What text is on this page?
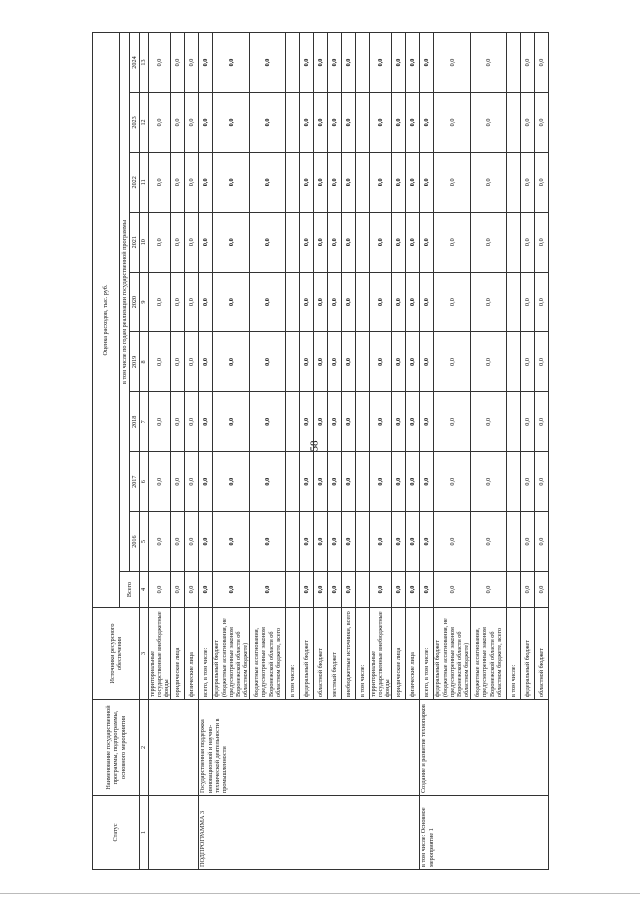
58
Статус	Наименование государственной программы, подпрограммы, основного мероприятия	Источники ресурсного обеспечения	Оценка расходов, тыс. руб.									
			Всего	в том числе по годам реализации государственной программы								
				2016	2017	2018	2019	2020	2021	2022	2023	2024
1	2	3	4	5	6	7	8	9	10	11	12	13
		территориальные государственные внебюджетные фонды	0,0	0,0	0,0	0,0	0,0	0,0	0,0	0,0	0,0	0,0
		юридические лица	0,0	0,0	0,0	0,0	0,0	0,0	0,0	0,0	0,0	0,0
		физические лица	0,0	0,0	0,0	0,0	0,0	0,0	0,0	0,0	0,0	0,0
ПОДПРОГРАММА 3	Государственная поддержка инновационной и научно-технической деятельности в промышленности	всего, в том числе:	0,0	0,0	0,0	0,0	0,0	0,0	0,0	0,0	0,0	0,0
		федеральный бюджет (бюджетные ассигнования, не предусмотренные законом Воронежской области об областном бюджете)	0,0	0,0	0,0	0,0	0,0	0,0	0,0	0,0	0,0	0,0
		бюджетные ассигнования, предусмотренные законом Воронежской области об областном бюджете, всего	0,0	0,0	0,0	0,0	0,0	0,0	0,0	0,0	0,0	0,0
		в том числе:										
		федеральный бюджет	0,0	0,0	0,0	0,0	0,0	0,0	0,0	0,0	0,0	0,0
		областной бюджет	0,0	0,0	0,0	0,0	0,0	0,0	0,0	0,0	0,0	0,0
		местный бюджет	0,0	0,0	0,0	0,0	0,0	0,0	0,0	0,0	0,0	0,0
		внебюджетные источники, всего	0,0	0,0	0,0	0,0	0,0	0,0	0,0	0,0	0,0	0,0
		в том числе:										
		территориальные государственные внебюджетные фонды	0,0	0,0	0,0	0,0	0,0	0,0	0,0	0,0	0,0	0,0
		юридические лица	0,0	0,0	0,0	0,0	0,0	0,0	0,0	0,0	0,0	0,0
		физические лица	0,0	0,0	0,0	0,0	0,0	0,0	0,0	0,0	0,0	0,0
в том числе: Основное мероприятие 1	Создание и развитие технопарков	всего, в том числе:	0,0	0,0	0,0	0,0	0,0	0,0	0,0	0,0	0,0	0,0
		федеральный бюджет (бюджетные ассигнования, не предусмотренные законом Воронежской области об областном бюджете)	0,0	0,0	0,0	0,0	0,0	0,0	0,0	0,0	0,0	0,0
		бюджетные ассигнования, предусмотренные законом Воронежской области об областном бюджете, всего	0,0	0,0	0,0	0,0	0,0	0,0	0,0	0,0	0,0	0,0
		в том числе:										
		федеральный бюджет	0,0	0,0	0,0	0,0	0,0	0,0	0,0	0,0	0,0	0,0
		областной бюджет	0,0	0,0	0,0	0,0	0,0	0,0	0,0	0,0	0,0	0,0
